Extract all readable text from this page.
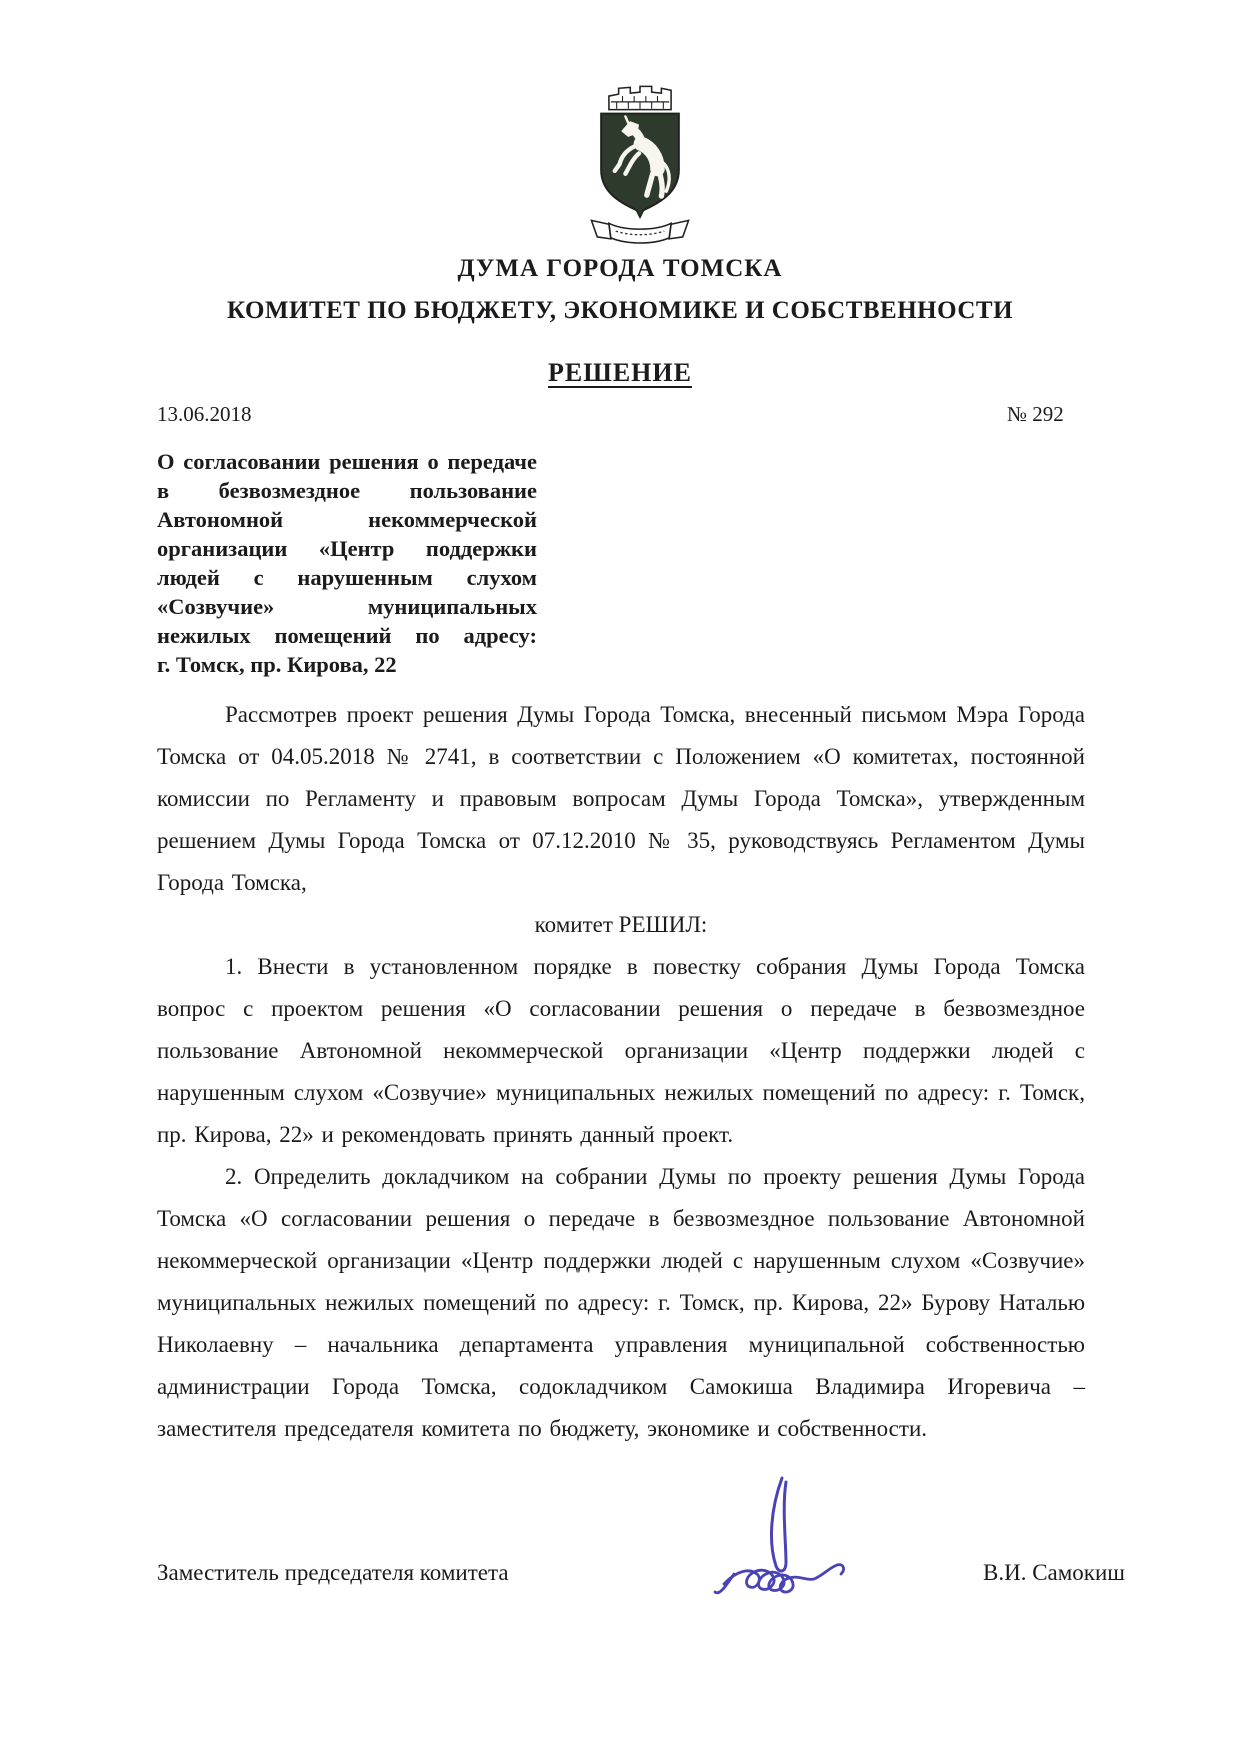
ДУМА ГОРОДА ТОМСКА
КОМИТЕТ ПО БЮДЖЕТУ, ЭКОНОМИКЕ И СОБСТВЕННОСТИ
РЕШЕНИЕ
13.06.2018	№ 292
О согласовании решения о передаче
в безвозмездное пользование
Автономной некоммерческой
организации «Центр поддержки
людей с нарушенным слухом
«Созвучие» муниципальных
нежилых помещений по адресу:
г. Томск, пр. Кирова, 22

Рассмотрев проект решения Думы Города Томска, внесенный письмом Мэра Города Томска от 04.05.2018 № 2741, в соответствии с Положением «О комитетах, постоянной комиссии по Регламенту и правовым вопросам Думы Города Томска», утвержденным решением Думы Города Томска от 07.12.2010 № 35, руководствуясь Регламентом Думы Города Томска,

комитет РЕШИЛ:

1. Внести в установленном порядке в повестку собрания Думы Города Томска вопрос с проектом решения «О согласовании решения о передаче в безвозмездное пользование Автономной некоммерческой организации «Центр поддержки людей с нарушенным слухом «Созвучие» муниципальных нежилых помещений по адресу: г. Томск, пр. Кирова, 22» и рекомендовать принять данный проект.

2. Определить докладчиком на собрании Думы по проекту решения Думы Города Томска «О согласовании решения о передаче в безвозмездное пользование Автономной некоммерческой организации «Центр поддержки людей с нарушенным слухом «Созвучие» муниципальных нежилых помещений по адресу: г. Томск, пр. Кирова, 22» Бурову Наталью Николаевну – начальника департамента управления муниципальной собственностью администрации Города Томска, содокладчиком Самокиша Владимира Игоревича – заместителя председателя комитета по бюджету, экономике и собственности.

Заместитель председателя комитета	В.И. Самокиш
